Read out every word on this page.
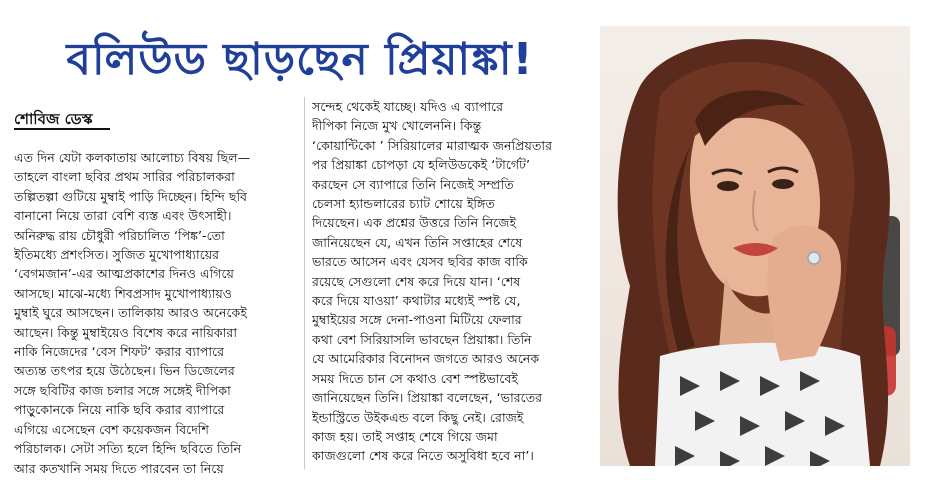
বলিউড ছাড়ছেন প্রিয়াঙ্কা!
শোবিজ ডেস্ক
এত দিন যেটা কলকাতায় আলোচ্য বিষয় ছিল—
তাহলে বাংলা ছবির প্রথম সারির পরিচালকরা
তল্পিতল্পা গুটিয়ে মুম্বাই পাড়ি দিচ্ছেন। হিন্দি ছবি
বানানো নিয়ে তারা বেশি ব্যস্ত এবং উৎসাহী।
অনিরুদ্ধ রায় চৌধুরী পরিচালিত ‘পিঙ্ক’-তো
ইতিমধ্যে প্রশংসিত। সুজিত মুখোপাধ্যায়ের
‘বেগমজান’-এর আত্মপ্রকাশের দিনও এগিয়ে
আসছে। মাঝে-মধ্যে শিবপ্রসাদ মুখোপাধ্যায়ও
মুম্বাই ঘুরে আসছেন। তালিকায় আরও অনেকেই
আছেন। কিন্তু মুম্বাইয়েও বিশেষ করে নায়িকারা
নাকি নিজেদের ‘বেস শিফট’ করার ব্যাপারে
অত্যন্ত তৎপর হয়ে উঠেছেন। ভিন ডিজেলের
সঙ্গে ছবিটির কাজ চলার সঙ্গে সঙ্গেই দীপিকা
পাড়ুকোনকে নিয়ে নাকি ছবি করার ব্যাপারে
এগিয়ে এসেছেন বেশ কয়েকজন বিদেশি
পরিচালক। সেটা সত্যি হলে হিন্দি ছবিতে তিনি
আর কতখানি সময় দিতে পারবেন তা নিয়ে
সন্দেহ থেকেই যাচ্ছে। যদিও এ ব্যাপারে
দীপিকা নিজে মুখ খোলেননি। কিন্তু
‘কোয়ান্টিকো ’ সিরিয়ালের মারাত্মক জনপ্রিয়তার
পর প্রিয়াঙ্কা চোপড়া যে হলিউডকেই ‘টার্গেট’
করছেন সে ব্যাপারে তিনি নিজেই সম্প্রতি
চেলসা হ্যান্ডলারের চ্যাট শোয়ে ইঙ্গিত
দিয়েছেন। এক প্রশ্নের উত্তরে তিনি নিজেই
জানিয়েছেন যে, এখন তিনি সপ্তাহের শেষে
ভারতে আসেন এবং যেসব ছবির কাজ বাকি
রয়েছে সেগুলো শেষ করে দিয়ে যান। ‘শেষ
করে দিয়ে যাওয়া’ কথাটার মধ্যেই স্পষ্ট যে,
মুম্বাইয়ের সঙ্গে দেনা-পাওনা মিটিয়ে ফেলার
কথা বেশ সিরিয়াসলি ভাবছেন প্রিয়াঙ্কা। তিনি
যে আমেরিকার বিনোদন জগতে আরও অনেক
সময় দিতে চান সে কথাও বেশ স্পষ্টভাবেই
জানিয়েছেন তিনি। প্রিয়াঙ্কা বলেছেন, ‘ভারতের
ইন্ডাস্ট্রিতে উইকএন্ড বলে কিছু নেই। রোজই
কাজ হয়। তাই সপ্তাহ শেষে গিয়ে জমা
কাজগুলো শেষ করে নিতে অসুবিধা হবে না’।
